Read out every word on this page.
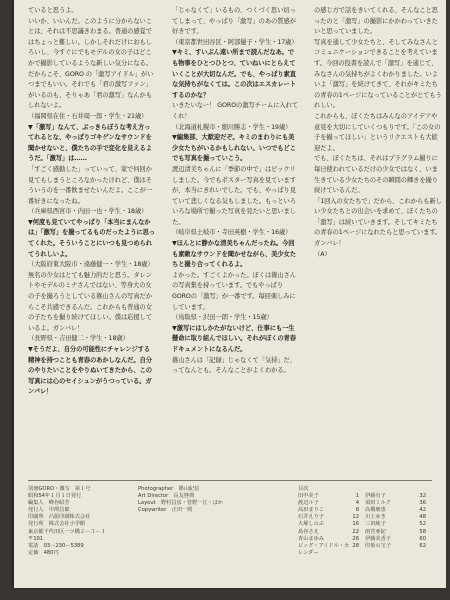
ていると思うよ。

いいか、いいんだ。このように分からないことは、それは不思議きわまる。普通の感覚ではちょっと難しい。しかしそれだけにおもしろいし、今すぐにでもモデルの女の子はどこかで撮影しているような新しい気分になる。だからこそ、GORO の「激写アイドル」がいつまでもいい。それでも「君の激写ファン」がいるのも、そりゃあ「君の激写」なんかもしれないよ。

（福岡県在住・石井周一郎・学生・21歳）

▼「激写」なんて、ぶっきらぼうな考え方ってれるとな、やっぱりゴキゲンなサウンドを聞かせないと、僕たちの手で変化を見えるようだ。「激写」は……

「すごく感動した」っていって、家で何回か見てもしまうところなかったけれど、僕はそういうのを一番飲ませたいんだよ。ここが一番好きになったね。

（兵庫県西宮市・内田一也・学生・18歳）

▼何度も見ていてやっぱり「本当にまんなかは」「激写」を撮ってるものだったように思ってくれた。そういうことにいつも見つめられてうれしいよ。

（大阪府東大阪市・遠藤健一・学生・18歳）

無名の少女はとても魅力的だと思う。タレントやモデルのミナさんではない、等身大の女の子を撮ろうとしている篠山さんの写真だからこそ共感できるんだ。これからも普通の女の子たちを撮り続けてほしい。僕は応援しているよ。ガンバレ！

（長野県・吉田健二・学生・18歳）

▼そうだよ、自分の可能性にチャレンジする精神を持つことも青春のあかしなんだ。自分のやりたいことをやりぬいてきたから、この写真には心のセイシュンがうつっている。ガンバレ！

「じゃなくて」いるもの、つくづく思い切ってしまって、やっぱり「激写」のあの質感が好きです。

（東京都世田谷区・阿部優子・学生・17歳）

▼キミ、すいぶん遠い所まで読んだなあ。でも物事をひとつひとつ、ていねいにとらえていくことが大切なんだ。でも、やっぱり素直な気持ちがなくては。この次はエスカレートするのかな？

いきたいなー！ GOROの激写チームに入れてくれ！

（北海道札幌市・細川勝志・学生・19歳）

▼編集部、大歓迎だぞ。キミのまわりにも美少女たちがいるかもしれない。いつでもどこでも写真を撮っていこう。

渡辺清美ちゃんに「季節の中で」はビックリしました。今でもポスター写真を見ていますが、本当にきれいでした。でも、やっぱり見ていて悲しくなる気もしました。もっといろいろな場所で撮った写真を見たいと思いました。

（岐阜県土岐市・寺田英樹・学生・16歳）

▼ほんとに静かな清美ちゃんだったね。今回も素敵なサウンドを聞かせながら、美少女たちと撮り合ってくれるよ。

よかった。すごくよかった。ぼくは篠山さんの写真集を持っています。でもやっぱりGOROの「激写」が一番です。毎回楽しみにしています。

（鳥取県・沢田一朗・学生・15歳）

▼激写にはしかたがないけど、仕事にも一生懸命に取り組んでほしい。それがぼくの青春ドキュメントになるんだ。

篠山さんは「記録」じゃなくて「気持」だ、ってなんとも。そんなことがよくわかる。

の感じ方で話をきいてくれる、そんなこと思ったのと「激写」の撮影にかかわっていきたいと思っていました。

写真を通して少女たちと、そしてみなさんとコミュニケーションできることを考えています。今回の投書を読んで「激写」を通じて、みなさんの気持ちがよくわかりました。いよいよ「激写」を続けてきて、それがキミたちの青春の1ページになっていることがとてもうれしい。

これからも、ぼくたちはみんなのアイデアや意見を大切にしていくつもりです。「この女の子を撮ってほしい」というリクエストも大歓迎だよ。

でも、ぼくたちは、それはプラグラム撮りに毎日使われているだけの少女ではなく、いま生きている少女たちのその瞬間の輝きを撮り続けているんだ。

「1回入の女たちで」だから、これからも新しい少女たちとの出会いを求めて、ぼくたちの「激写」は続いていきます。そしてキミたちの青春の1ページになれたらと思っています。ガンバレ！

（A）

別冊GORO・激写　第１号
昭和54年１月１日発行
編集人　峰谷昭芳
発行人　中澤昌郎
印刷所　凸版印刷株式会社
発行所　株式会社小学館
東京都千代田区一ツ橋２－３－１
〒101
電話　03－230－5389
定価　480円
Photographer　 篠山紀信
Art Director　 長友啓典
Layout　 野村昌彦・菅野一江・ほか
Copywriter　 正田一則
目次
田中美子	1 伊藤有子	32
渡辺ル子	4 須田ミルク	36
高田まりこ	8 高橋朋恵	42
石井えり子	12 川上ゆき	48
大塚しのぶ	16 三田純子	52
島谷さえ	22 雨宮亜紀	58
青山まゆみ	26 伊藤美香子	60
ビッグ・アイドル・カレンダー
28 印象の宝子	62
